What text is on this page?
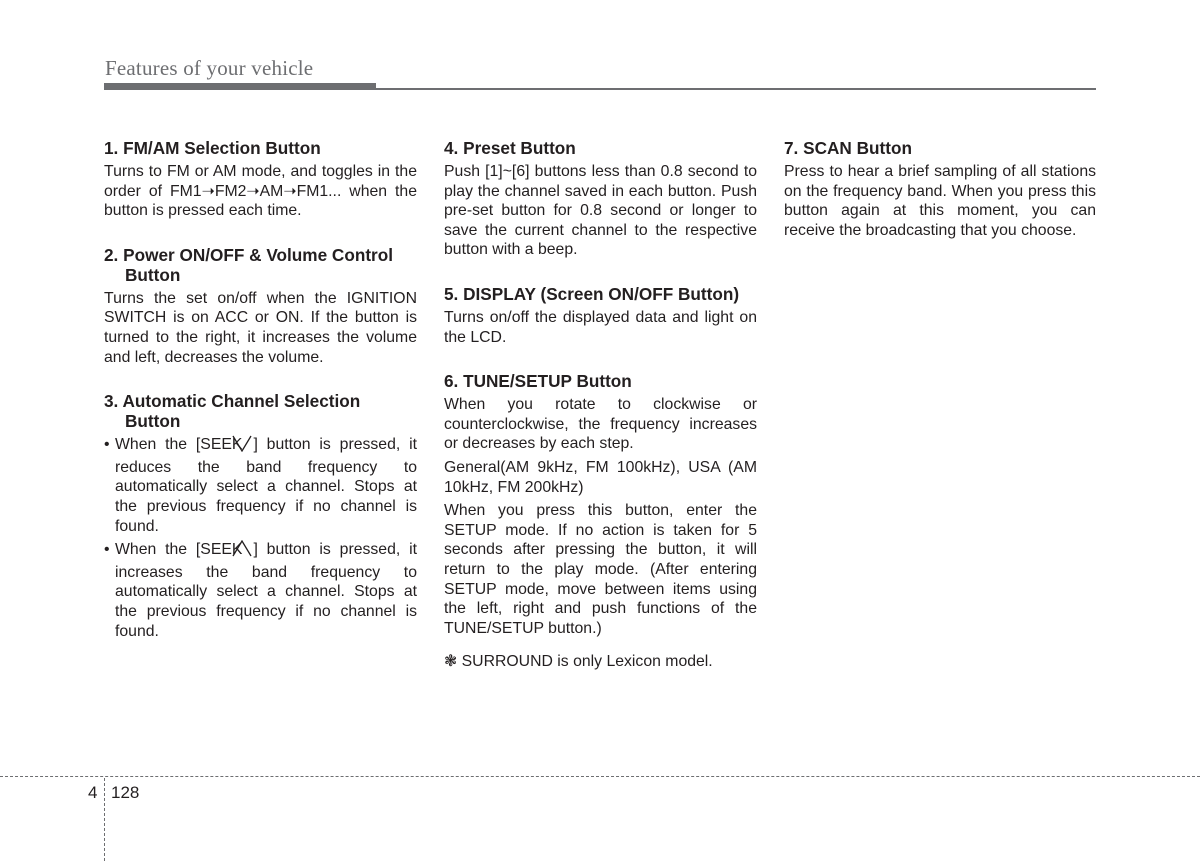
Features of your vehicle
1. FM/AM Selection Button
Turns to FM or AM mode, and toggles in the order of FM1➝FM2➝AM➝FM1... when the button is pressed each time.
2. Power ON/OFF & Volume Control Button
Turns the set on/off when the IGNITION SWITCH is on ACC or ON. If the button is turned to the right, it increases the volume and left, decreases the volume.
3. Automatic Channel Selection Button
• When the [SEEK ] button is pressed, it reduces the band frequency to automatically select a channel. Stops at the previous frequency if no channel is found.
• When the [SEEK ] button is pressed, it increases the band frequency to automatically select a channel. Stops at the previous frequency if no channel is found.
4. Preset Button
Push [1]~[6] buttons less than 0.8 second to play the channel saved in each button. Push pre-set button for 0.8 second or longer to save the current channel to the respective button with a beep.
5. DISPLAY (Screen ON/OFF Button)
Turns on/off the displayed data and light on the LCD.
6. TUNE/SETUP Button
When you rotate to clockwise or counterclockwise, the frequency increases or decreases by each step.
General(AM 9kHz, FM 100kHz), USA (AM 10kHz, FM 200kHz)
When you press this button, enter the SETUP mode. If no action is taken for 5 seconds after pressing the button, it will return to the play mode. (After entering SETUP mode, move between items using the left, right and push functions of the TUNE/SETUP button.)
❃ SURROUND is only Lexicon model.
7. SCAN Button
Press to hear a brief sampling of all stations on the frequency band. When you press this button again at this moment, you can receive the broadcasting that you choose.
4 128
